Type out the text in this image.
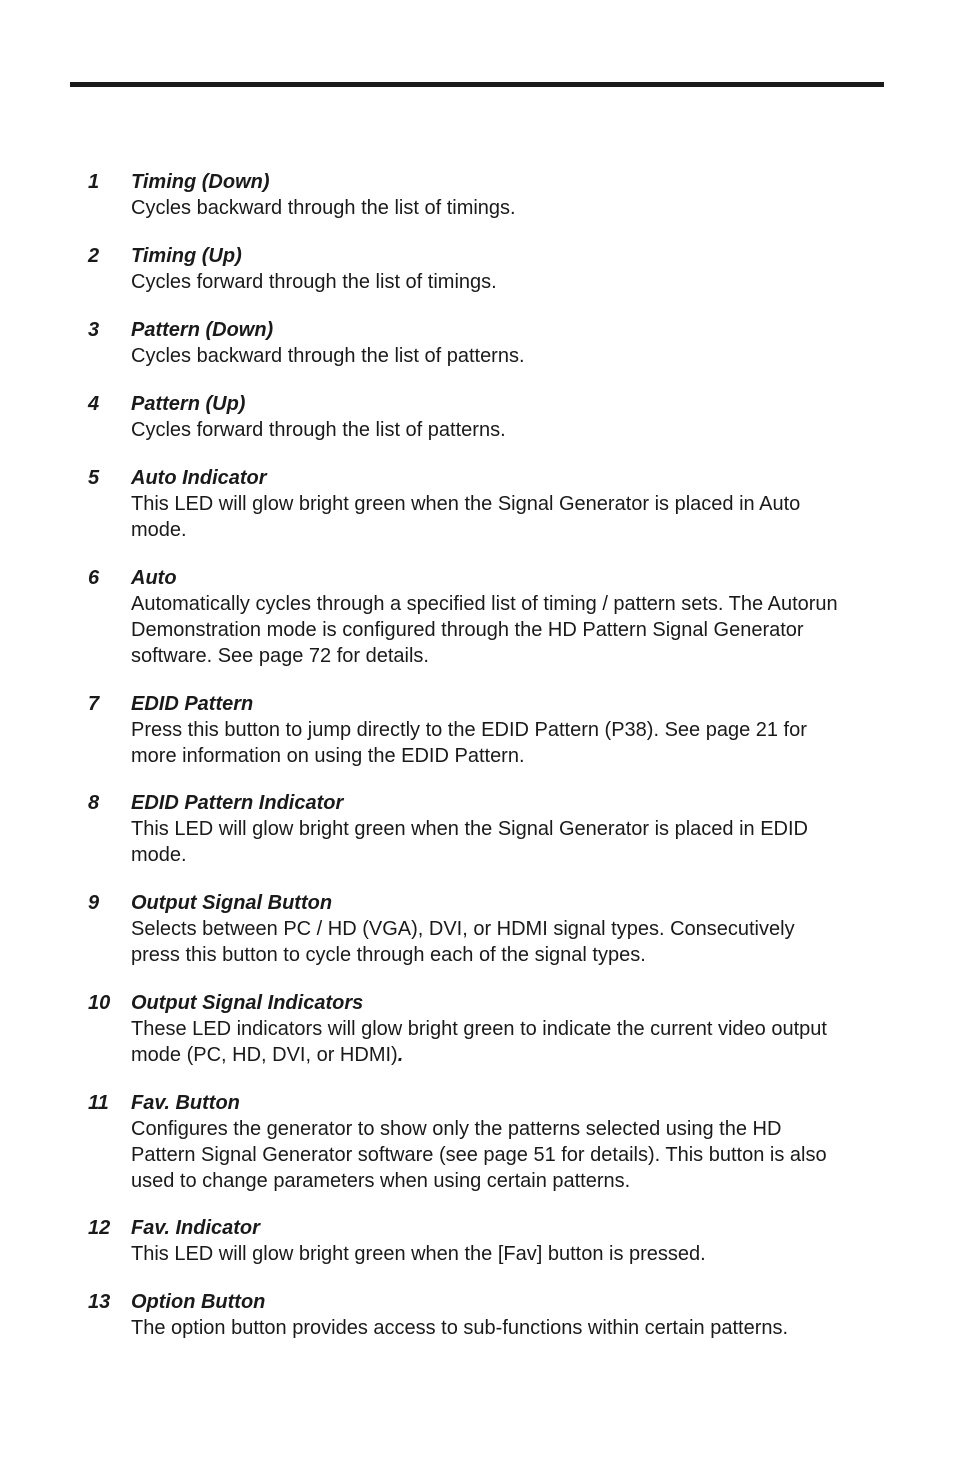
1 Timing (Down)
Cycles backward through the list of timings.
2 Timing (Up)
Cycles forward through the list of timings.
3 Pattern (Down)
Cycles backward through the list of patterns.
4 Pattern (Up)
Cycles forward through the list of patterns.
5 Auto Indicator
This LED will glow bright green when the Signal Generator is placed in Auto
mode.
6 Auto
Automatically cycles through a specified list of timing / pattern sets. The Autorun
Demonstration mode is configured through the HD Pattern Signal Generator
software. See page 72 for details.
7 EDID Pattern
Press this button to jump directly to the EDID Pattern (P38). See page 21 for
more information on using the EDID Pattern.
8 EDID Pattern Indicator
This LED will glow bright green when the Signal Generator is placed in EDID
mode.
9 Output Signal Button
Selects between PC / HD (VGA), DVI, or HDMI signal types. Consecutively
press this button to cycle through each of the signal types.
10 Output Signal Indicators
These LED indicators will glow bright green to indicate the current video output
mode (PC, HD, DVI, or HDMI).
11 Fav. Button
Configures the generator to show only the patterns selected using the HD
Pattern Signal Generator software (see page 51 for details). This button is also
used to change parameters when using certain patterns.
12 Fav. Indicator
This LED will glow bright green when the [Fav] button is pressed.
13 Option Button
The option button provides access to sub-functions within certain patterns.
